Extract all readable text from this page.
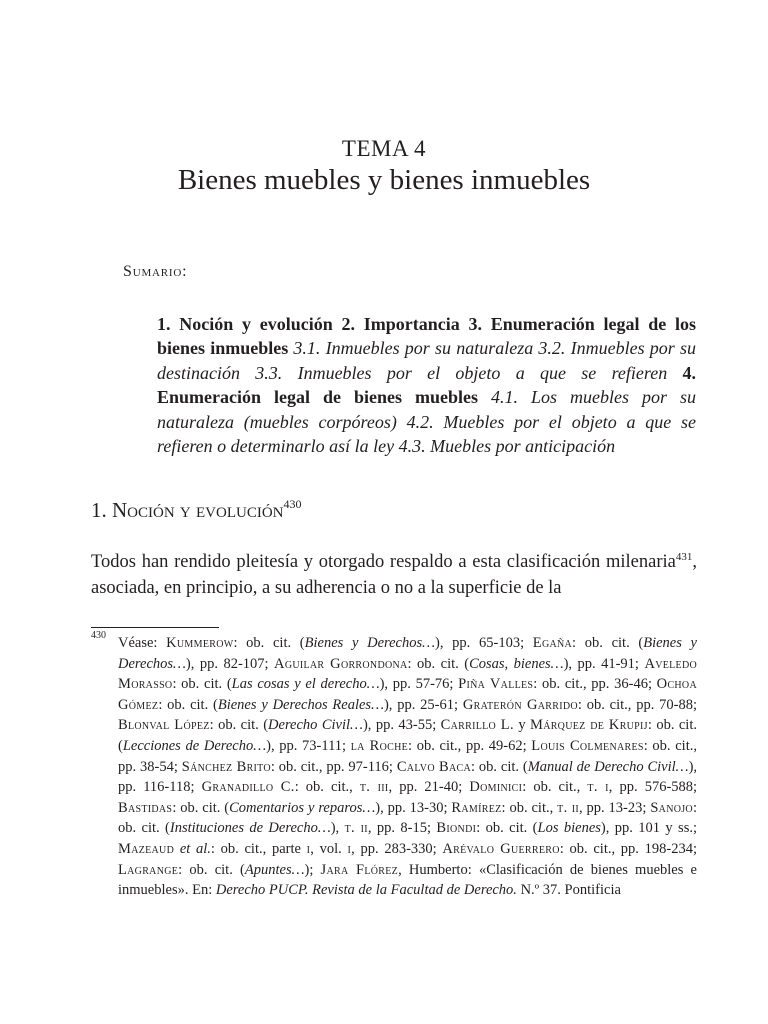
TEMA 4
Bienes muebles y bienes inmuebles
Sumario:
1. Noción y evolución 2. Importancia 3. Enumeración legal de los bienes inmuebles 3.1. Inmuebles por su naturaleza 3.2. Inmuebles por su destinación 3.3. Inmuebles por el objeto a que se refieren 4. Enumeración legal de bienes muebles 4.1. Los muebles por su naturaleza (muebles corpóreos) 4.2. Muebles por el objeto a que se refieren o determinarlo así la ley 4.3. Muebles por anticipación
1. Noción y evolución$^{430}$
Todos han rendido pleitesía y otorgado respaldo a esta clasificación milenaria$^{431}$, asociada, en principio, a su adherencia o no a la superficie de la
430 Véase: Kummerow: ob. cit. (Bienes y Derechos…), pp. 65-103; Egaña: ob. cit. (Bienes y Derechos…), pp. 82-107; Aguilar Gorrondona: ob. cit. (Cosas, bienes…), pp. 41-91; Aveledo Morasso: ob. cit. (Las cosas y el derecho…), pp. 57-76; Piña Valles: ob. cit., pp. 36-46; Ochoa Gómez: ob. cit. (Bienes y Derechos Reales…), pp. 25-61; Graterón Garrido: ob. cit., pp. 70-88; Blonval López: ob. cit. (Derecho Civil…), pp. 43-55; Carrillo L. y Márquez de Krupij: ob. cit. (Lecciones de Derecho…), pp. 73-111; la Roche: ob. cit., pp. 49-62; Louis Colmenares: ob. cit., pp. 38-54; Sánchez Brito: ob. cit., pp. 97-116; Calvo Baca: ob. cit. (Manual de Derecho Civil…), pp. 116-118; Granadillo C.: ob. cit., t. iii, pp. 21-40; Dominici: ob. cit., t. i, pp. 576-588; Bastidas: ob. cit. (Comentarios y reparos…), pp. 13-30; Ramírez: ob. cit., t. ii, pp. 13-23; Sanojo: ob. cit. (Instituciones de Derecho…), t. ii, pp. 8-15; Biondi: ob. cit. (Los bienes), pp. 101 y ss.; Mazeaud et al.: ob. cit., parte i, vol. i, pp. 283-330; Arévalo Guerrero: ob. cit., pp. 198-234; Lagrange: ob. cit. (Apuntes…); Jara Flórez, Humberto: «Clasificación de bienes muebles e inmuebles». En: Derecho PUCP. Revista de la Facultad de Derecho. N.º 37. Pontificia
